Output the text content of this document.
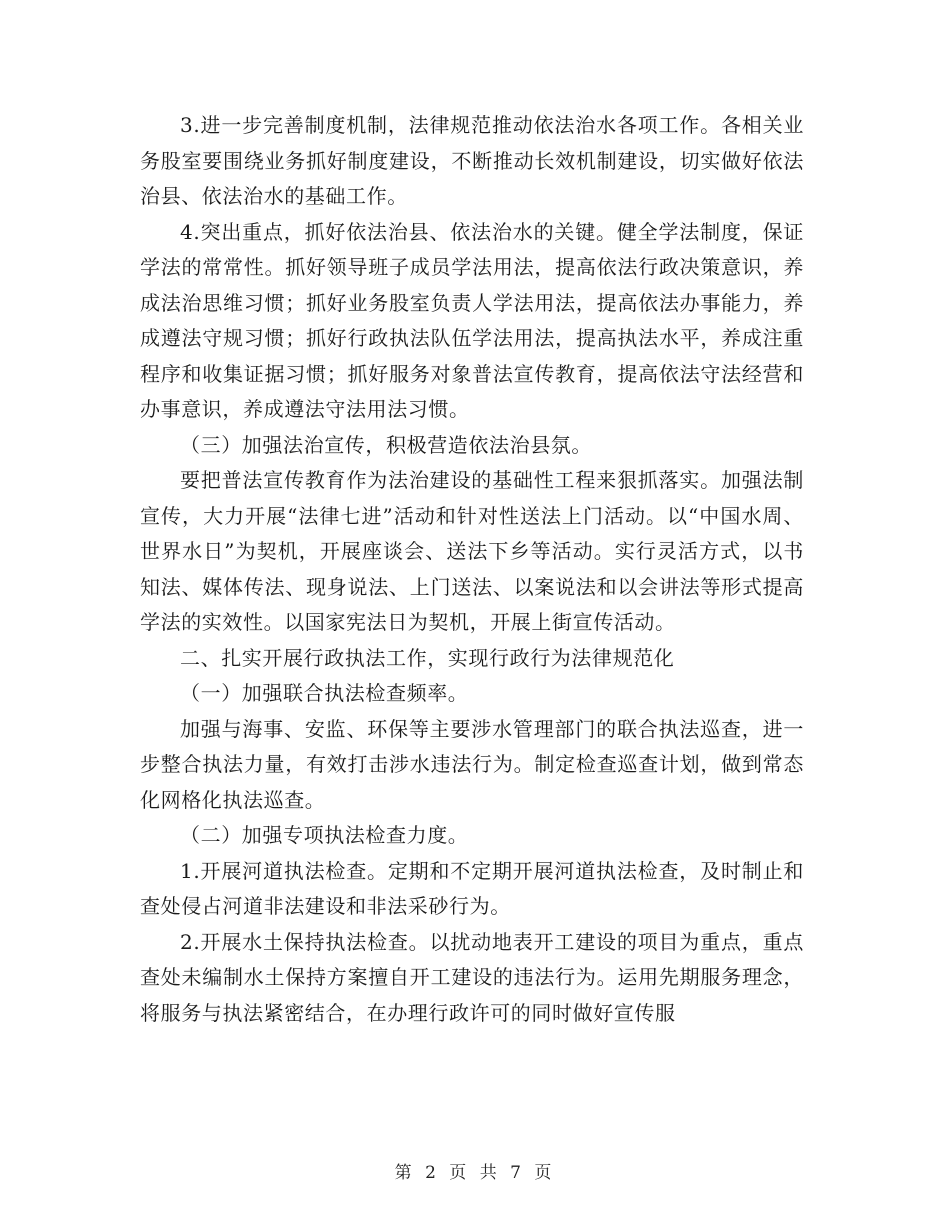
3.进一步完善制度机制，法律规范推动依法治水各项工作。各相关业务股室要围绕业务抓好制度建设，不断推动长效机制建设，切实做好依法治县、依法治水的基础工作。

4.突出重点，抓好依法治县、依法治水的关键。健全学法制度，保证学法的常常性。抓好领导班子成员学法用法，提高依法行政决策意识，养成法治思维习惯；抓好业务股室负责人学法用法，提高依法办事能力，养成遵法守规习惯；抓好行政执法队伍学法用法，提高执法水平，养成注重程序和收集证据习惯；抓好服务对象普法宣传教育，提高依法守法经营和办事意识，养成遵法守法用法习惯。

（三）加强法治宣传，积极营造依法治县氛。

要把普法宣传教育作为法治建设的基础性工程来狠抓落实。加强法制宣传，大力开展“法律七进”活动和针对性送法上门活动。以“中国水周、世界水日”为契机，开展座谈会、送法下乡等活动。实行灵活方式，以书知法、媒体传法、现身说法、上门送法、以案说法和以会讲法等形式提高学法的实效性。以国家宪法日为契机，开展上街宣传活动。

二、扎实开展行政执法工作，实现行政行为法律规范化

（一）加强联合执法检查频率。

加强与海事、安监、环保等主要涉水管理部门的联合执法巡查，进一步整合执法力量，有效打击涉水违法行为。制定检查巡查计划，做到常态化网格化执法巡查。

（二）加强专项执法检查力度。

1.开展河道执法检查。定期和不定期开展河道执法检查，及时制止和查处侵占河道非法建设和非法采砂行为。

2.开展水土保持执法检查。以扰动地表开工建设的项目为重点，重点查处未编制水土保持方案擅自开工建设的违法行为。运用先期服务理念，将服务与执法紧密结合，在办理行政许可的同时做好宣传服

第 2 页 共 7 页
